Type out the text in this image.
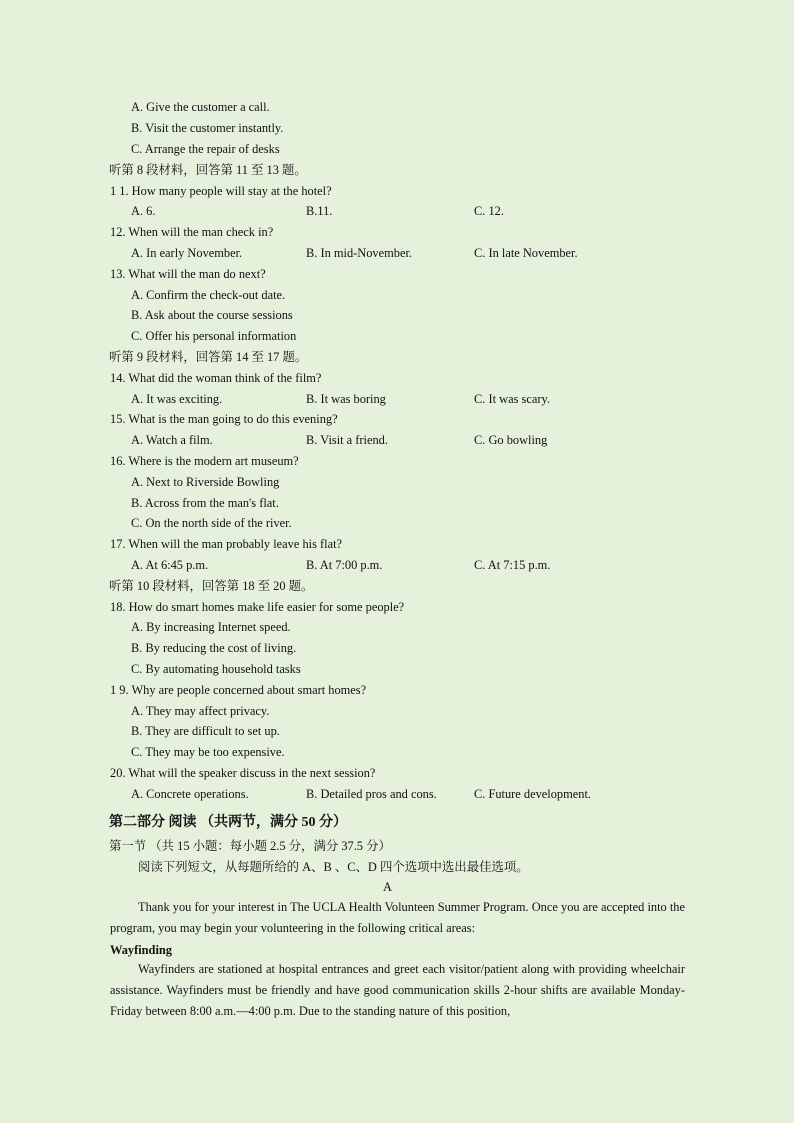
A. Give the customer a call.
B. Visit the customer instantly.
C. Arrange the repair of desks
听第 8 段材料，回答第 11 至 13 题。
1 1. How many people will stay at the hotel?
A. 6.	B.11.	C. 12.
12. When will the man check in?
A. In early November.	B. In mid-November.	C. In late November.
13. What will the man do next?
A. Confirm the check-out date.
B. Ask about the course sessions
C. Offer his personal information
听第 9 段材料，回答第 14 至 17 题。
14. What did the woman think of the film?
A. It was exciting.	B. It was boring	C. It was scary.
15. What is the man going to do this evening?
A. Watch a film.	B. Visit a friend.	C. Go bowling
16. Where is the modern art museum?
A. Next to Riverside Bowling
B. Across from the man's flat.
C. On the north side of the river.
17. When will the man probably leave his flat?
A. At 6:45 p.m.	B. At 7:00 p.m.	C. At 7:15 p.m.
听第 10 段材料，回答第 18 至 20 题。
18. How do smart homes make life easier for some people?
A. By increasing Internet speed.
B. By reducing the cost of living.
C. By automating household tasks
1 9. Why are people concerned about smart homes?
A. They may affect privacy.
B. They are difficult to set up.
C. They may be too expensive.
20. What will the speaker discuss in the next session?
A. Concrete operations.	B. Detailed pros and cons.	C. Future development.
第二部分 阅读 （共两节，满分 50 分）
第一节 （共 15 小题：每小题 2.5 分，满分 37.5 分）
阅读下列短文，从每题所给的 A、B 、C、D 四个选项中选出最佳选项。
A
Thank you for your interest in The UCLA Health Volunteen Summer Program. Once you are accepted into the program, you may begin your volunteering in the following critical areas:
Wayfinding
Wayfinders are stationed at hospital entrances and greet each visitor/patient along with providing wheelchair assistance. Wayfinders must be friendly and have good communication skills 2-hour shifts are available Monday-Friday between 8:00 a.m.—4:00 p.m. Due to the standing nature of this position,
